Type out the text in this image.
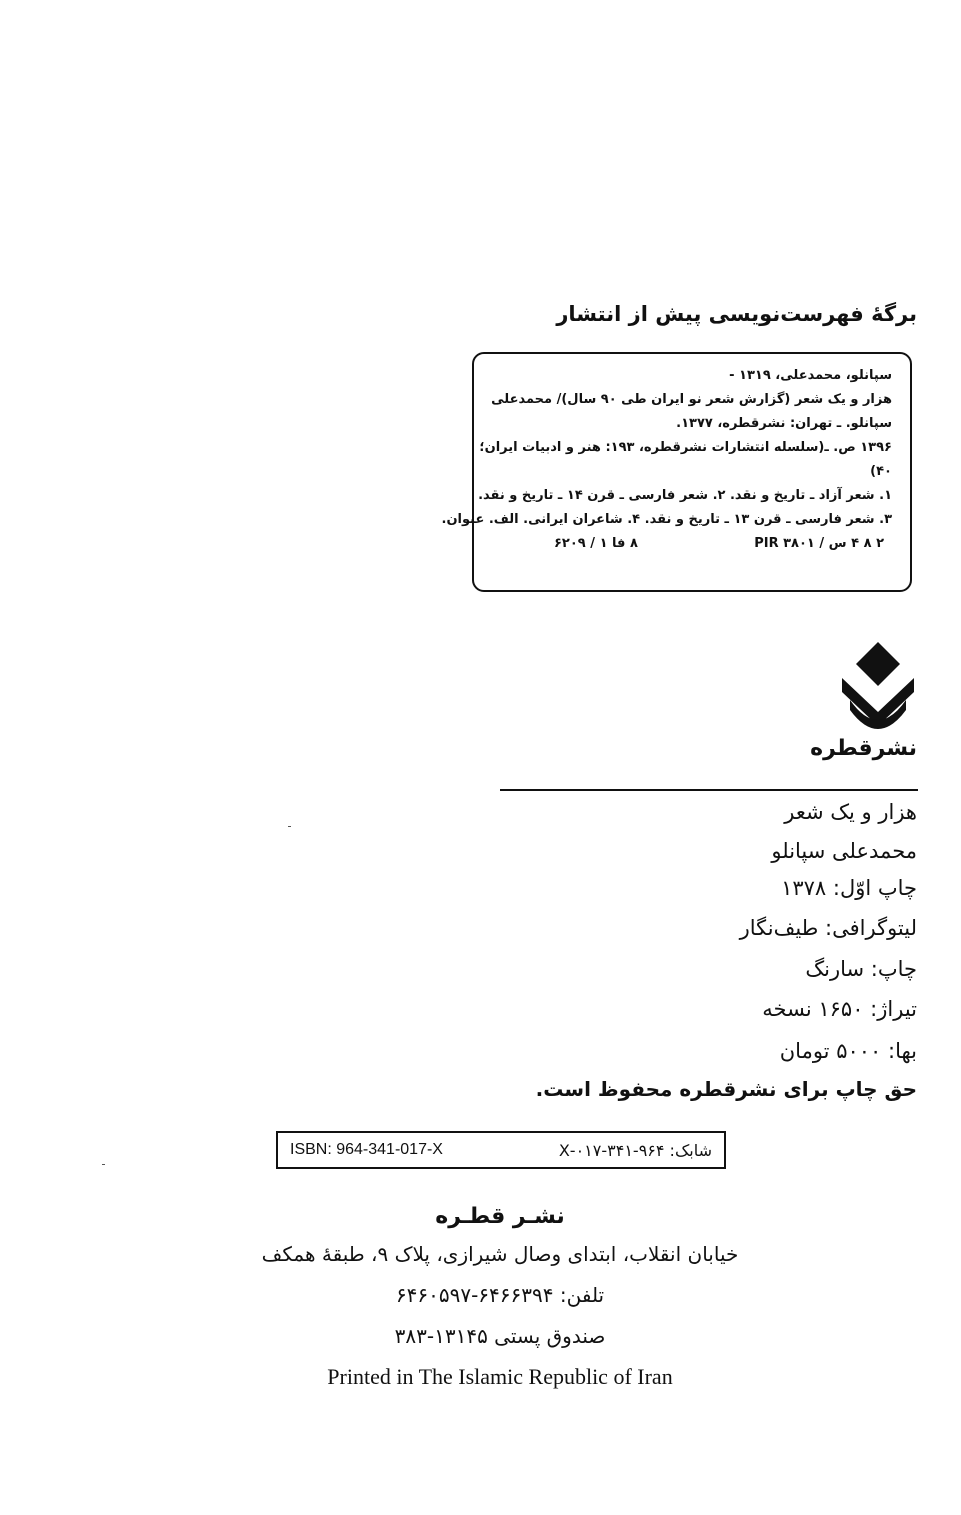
برگهٔ فهرست‌نویسی پیش از انتشار
سپانلو، محمدعلی، ۱۳۱۹ -
هزار و یک شعر (گزارش شعر نو ایران طی ۹۰ سال)/ محمدعلی
سپانلو. ـ تهران: نشرقطره، ۱۳۷۷.
۱۳۹۶ ص. ـ(سلسله انتشارات نشرقطره، ۱۹۳: هنر و ادبیات ایران؛
۴۰)
۱. شعر آزاد ـ تاریخ و نقد. ۲. شعر فارسی ـ قرن ۱۴ ـ تاریخ و نقد.
۳. شعر فارسی ـ قرن ۱۳ ـ تاریخ و نقد. ۴. شاعران ایرانی. الف. عنوان.
۲ ۸ ۴ س / PIR ۳۸۰۱
۸ فا ۱ / ۶۲۰۹
نشرقطره
هزار و یک شعر
محمدعلی سپانلو
چاپ اوّل: ۱۳۷۸
لیتوگرافی: طیف‌نگار
چاپ: سارنگ
تیراژ: ۱۶۵۰ نسخه
بها: ۵۰۰۰ تومان
حق چاپ برای نشرقطره محفوظ است.
ISBN: 964-341-017-X	شابک: ۹۶۴-۳۴۱-۰۱۷-X
نشـر قطـره
خیابان انقلاب، ابتدای وصال شیرازی، پلاک ۹، طبقهٔ همکف
تلفن: ۶۴۶۶۳۹۴-۶۴۶۰۵۹۷
صندوق پستی ۱۳۱۴۵-۳۸۳
Printed in The Islamic Republic of Iran
